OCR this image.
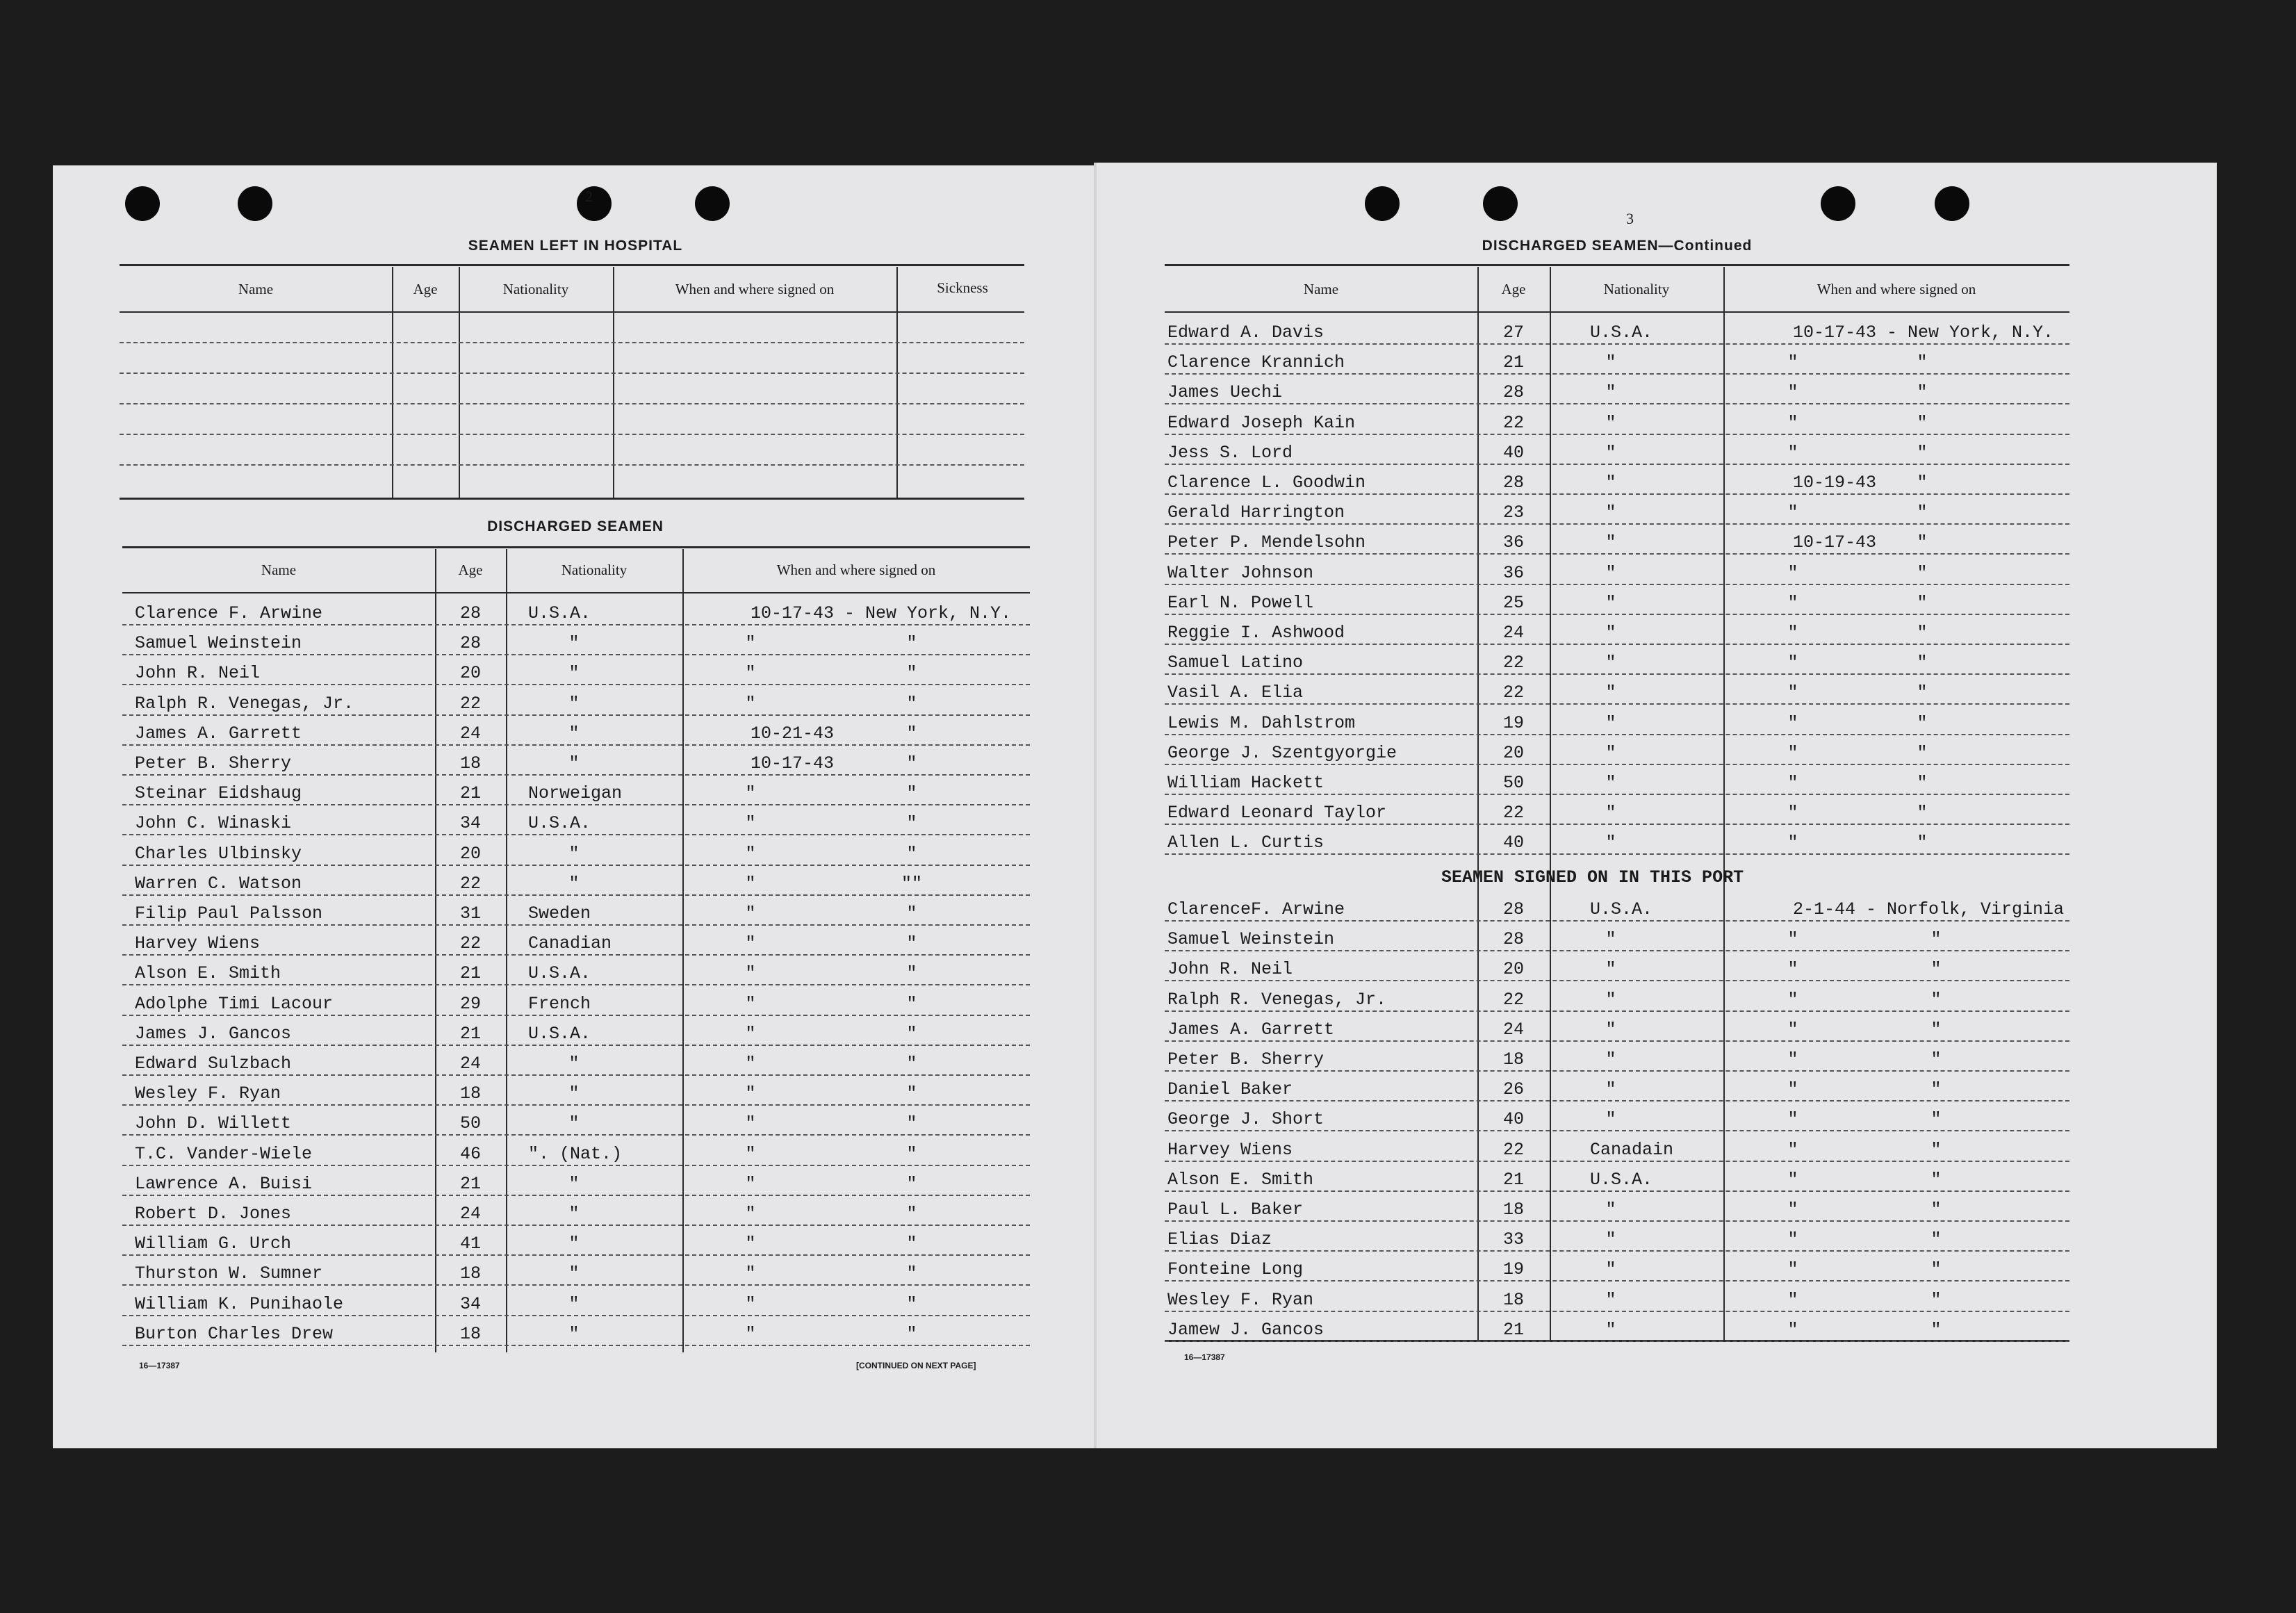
2
SEAMEN LEFT IN HOSPITAL
Name	Age	Nationality	When and where signed on	Sickness
DISCHARGED SEAMEN
Name	Age	Nationality	When and where signed on
Clarence F. Arwine	28	U.S.A.	10-17-43 - New York, N.Y.
Samuel Weinstein	28	"	"	"
John R. Neil	20	"	"	"
Ralph R. Venegas, Jr.	22	"	"	"
James A. Garrett	24	"	10-21-43	"
Peter B. Sherry	18	"	10-17-43	"
Steinar Eidshaug	21	Norweigan	"	"
John C. Winaski	34	U.S.A.	"	"
Charles Ulbinsky	20	"	"	"
Warren C. Watson	22	"	"	""
Filip Paul Palsson	31	Sweden	"	"
Harvey Wiens	22	Canadian	"	"
Alson E. Smith	21	U.S.A.	"	"
Adolphe Timi Lacour	29	French	"	"
James J. Gancos	21	U.S.A.	"	"
Edward Sulzbach	24	"	"	"
Wesley F. Ryan	18	"	"	"
John D. Willett	50	"	"	"
T.C. Vander-Wiele	46	". (Nat.)	"	"
Lawrence A. Buisi	21	"	"	"
Robert D. Jones	24	"	"	"
William G. Urch	41	"	"	"
Thurston W. Sumner	18	"	"	"
William K. Punihaole	34	"	"	"
Burton Charles Drew	18	"	"	"
16—17387	[CONTINUED ON NEXT PAGE]
3
DISCHARGED SEAMEN—Continued
Name	Age	Nationality	When and where signed on
Edward A. Davis	27	U.S.A.	10-17-43 - New York, N.Y.
Clarence Krannich	21	"	"	"
James Uechi	28	"	"	"
Edward Joseph Kain	22	"	"	"
Jess S. Lord	40	"	"	"
Clarence L. Goodwin	28	"	10-19-43 "
Gerald Harrington	23	"	"	"
Peter P. Mendelsohn	36	"	10-17-43 "
Walter Johnson	36	"	"	"
Earl N. Powell	25	"	"	"
Reggie I. Ashwood	24	"	"	"
Samuel Latino	22	"	"	"
Vasil A. Elia	22	"	"	"
Lewis M. Dahlstrom	19	"	"	"
George J. Szentgyorgie	20	"	"	"
William Hackett	50	"	"	"
Edward Leonard Taylor	22	"	"	"
Allen L. Curtis	40	"	"	"
SEAMEN SIGNED ON IN THIS PORT
ClarenceF. Arwine	28	U.S.A.	2-1-44 - Norfolk, Virginia
Samuel Weinstein	28	"	"	"
John R. Neil	20	"	"	"
Ralph R. Venegas, Jr.	22	"	"	"
James A. Garrett	24	"	"	"
Peter B. Sherry	18	"	"	"
Daniel Baker	26	"	"	"
George J. Short	40	"	"	"
Harvey Wiens	22	Canadain	"	"
Alson E. Smith	21	U.S.A.	"	"
Paul L. Baker	18	"	"	"
Elias Diaz	33	"	"	"
Fonteine Long	19	"	"	"
Wesley F. Ryan	18	"	"	"
Jamew J. Gancos	21	"	"	"
16—17387
